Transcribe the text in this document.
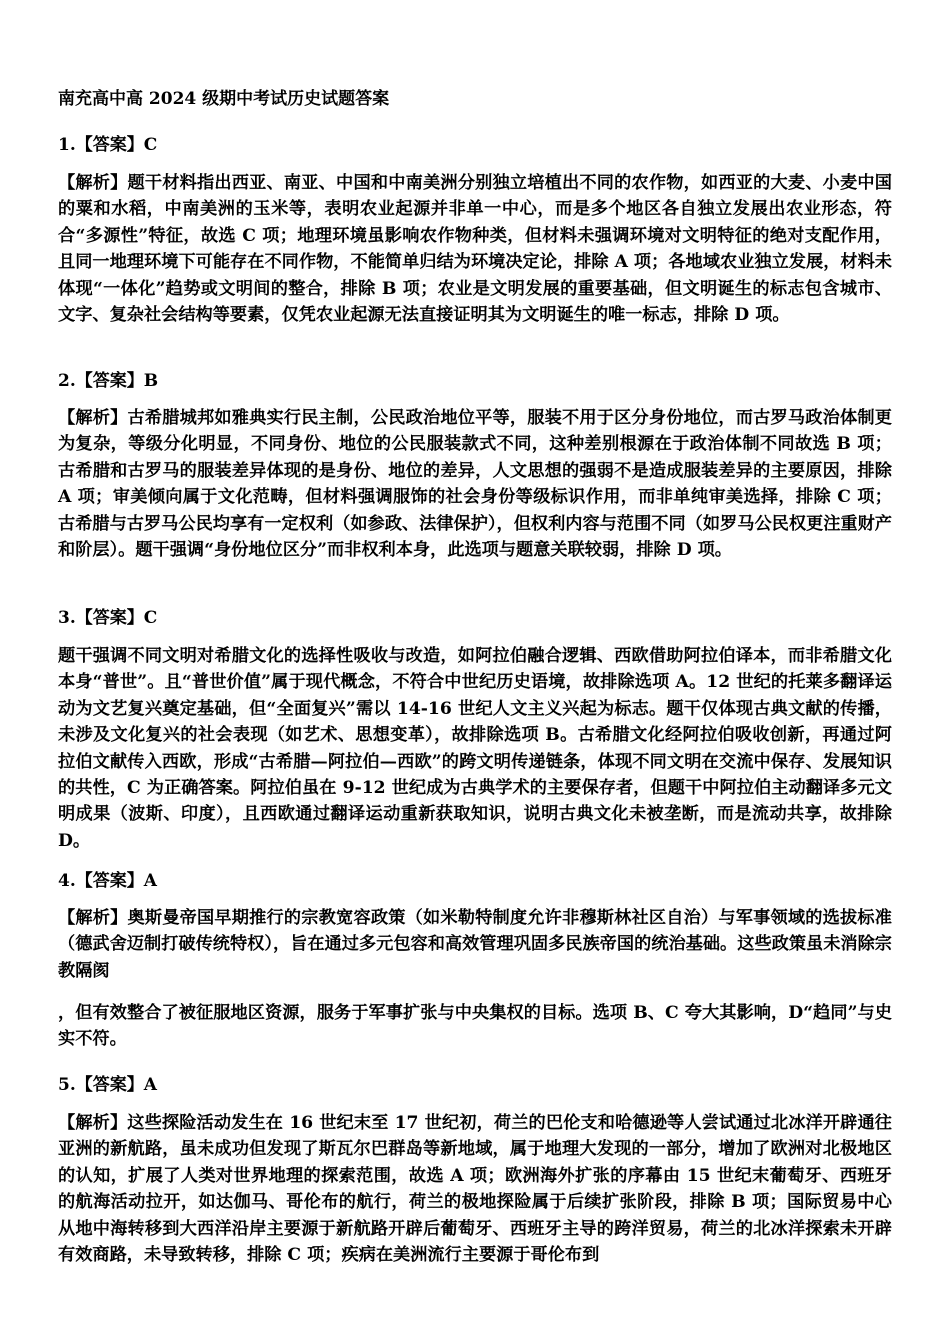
南充高中高 2024 级期中考试历史试题答案
1.【答案】C
【解析】题干材料指出西亚、南亚、中国和中南美洲分别独立培植出不同的农作物，如西亚的大麦、小麦中国的粟和水稻，中南美洲的玉米等，表明农业起源并非单一中心，而是多个地区各自独立发展出农业形态，符合“多源性”特征，故选 C 项；地理环境虽影响农作物种类，但材料未强调环境对文明特征的绝对支配作用，且同一地理环境下可能存在不同作物，不能简单归结为环境决定论，排除 A 项；各地域农业独立发展，材料未体现“一体化”趋势或文明间的整合，排除 B 项；农业是文明发展的重要基础，但文明诞生的标志包含城市、文字、复杂社会结构等要素，仅凭农业起源无法直接证明其为文明诞生的唯一标志，排除 D 项。
2.【答案】B
【解析】古希腊城邦如雅典实行民主制，公民政治地位平等，服装不用于区分身份地位，而古罗马政治体制更为复杂，等级分化明显，不同身份、地位的公民服装款式不同，这种差别根源在于政治体制不同故选 B 项；古希腊和古罗马的服装差异体现的是身份、地位的差异，人文思想的强弱不是造成服装差异的主要原因，排除 A 项；审美倾向属于文化范畴，但材料强调服饰的社会身份等级标识作用，而非单纯审美选择，排除 C 项；古希腊与古罗马公民均享有一定权利（如参政、法律保护），但权利内容与范围不同（如罗马公民权更注重财产和阶层）。题干强调“身份地位区分”而非权利本身，此选项与题意关联较弱，排除 D 项。
3.【答案】C
题干强调不同文明对希腊文化的选择性吸收与改造，如阿拉伯融合逻辑、西欧借助阿拉伯译本，而非希腊文化本身“普世”。且“普世价值”属于现代概念，不符合中世纪历史语境，故排除选项 A。12 世纪的托莱多翻译运动为文艺复兴奠定基础，但“全面复兴”需以 14-16 世纪人文主义兴起为标志。题干仅体现古典文献的传播，未涉及文化复兴的社会表现（如艺术、思想变革），故排除选项 B。古希腊文化经阿拉伯吸收创新，再通过阿拉伯文献传入西欧，形成“古希腊—阿拉伯—西欧”的跨文明传递链条，体现不同文明在交流中保存、发展知识的共性，C 为正确答案。阿拉伯虽在 9-12 世纪成为古典学术的主要保存者，但题干中阿拉伯主动翻译多元文明成果（波斯、印度），且西欧通过翻译运动重新获取知识，说明古典文化未被垄断，而是流动共享，故排除 D。
4.【答案】A
【解析】奥斯曼帝国早期推行的宗教宽容政策（如米勒特制度允许非穆斯林社区自治）与军事领域的选拔标准（德武舍迈制打破传统特权），旨在通过多元包容和高效管理巩固多民族帝国的统治基础。这些政策虽未消除宗教隔阂
，但有效整合了被征服地区资源，服务于军事扩张与中央集权的目标。选项 B、C 夸大其影响，D“趋同”与史实不符。
5.【答案】A
【解析】这些探险活动发生在 16 世纪末至 17 世纪初，荷兰的巴伦支和哈德逊等人尝试通过北冰洋开辟通往亚洲的新航路，虽未成功但发现了斯瓦尔巴群岛等新地域，属于地理大发现的一部分，增加了欧洲对北极地区的认知，扩展了人类对世界地理的探索范围，故选 A 项；欧洲海外扩张的序幕由 15 世纪末葡萄牙、西班牙的航海活动拉开，如达伽马、哥伦布的航行，荷兰的极地探险属于后续扩张阶段，排除 B 项；国际贸易中心从地中海转移到大西洋沿岸主要源于新航路开辟后葡萄牙、西班牙主导的跨洋贸易，荷兰的北冰洋探索未开辟有效商路，未导致转移，排除 C 项；疾病在美洲流行主要源于哥伦布到
